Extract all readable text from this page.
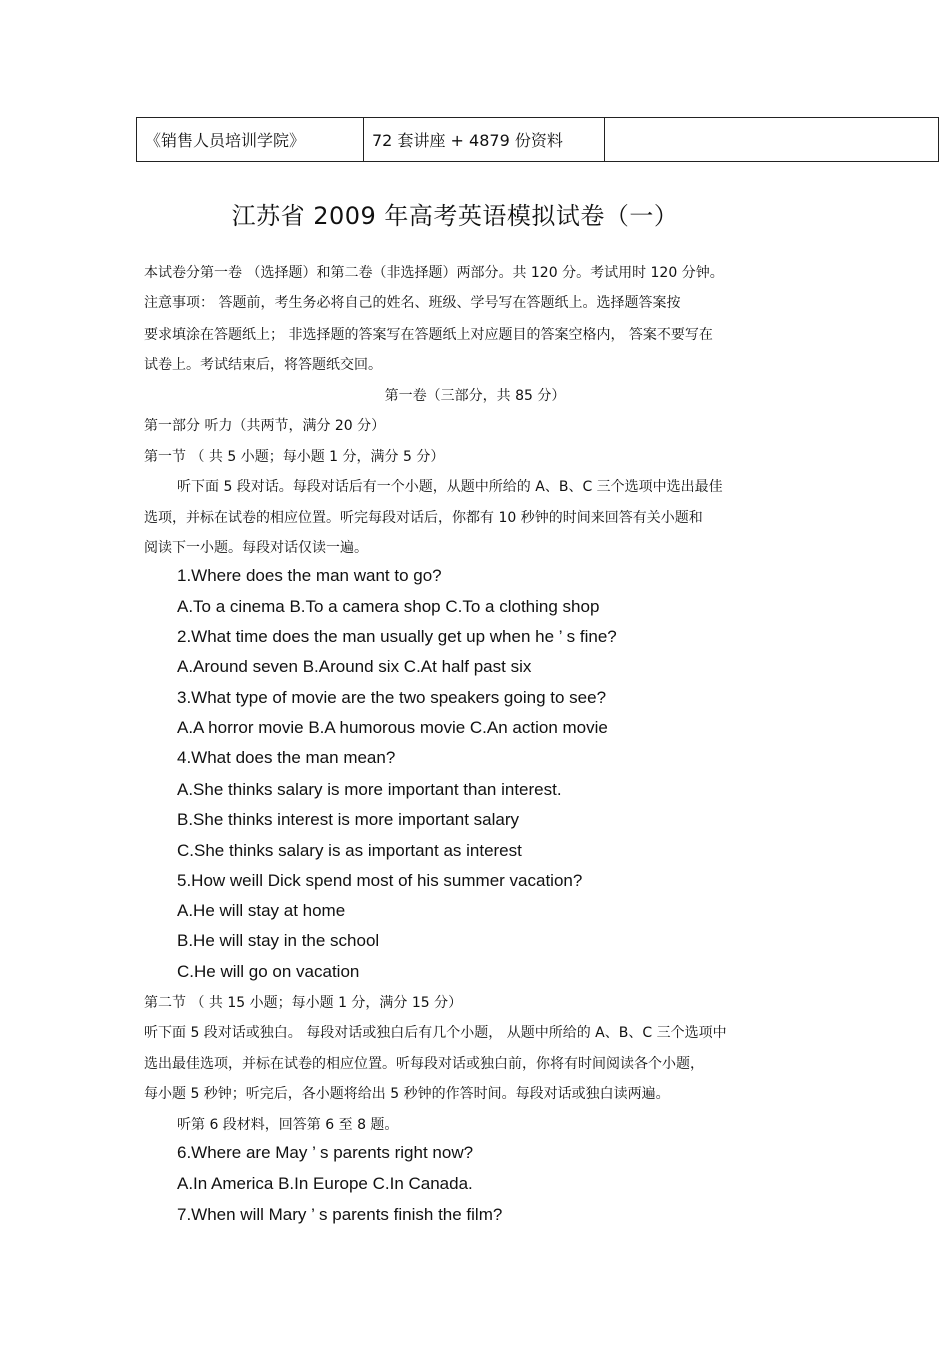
《销售人员培训学院》	72 套讲座 + 4879 份资料	
江苏省 2009 年高考英语模拟试卷（一）
本试卷分第一卷 （选择题）和第二卷（非选择题）两部分。共 120 分。考试用时 120 分钟。
注意事项： 答题前，考生务必将自己的姓名、班级、学号写在答题纸上。选择题答案按
要求填涂在答题纸上； 非选择题的答案写在答题纸上对应题目的答案空格内， 答案不要写在
试卷上。考试结束后，将答题纸交回。
第一卷（三部分，共 85 分）
第一部分 听力（共两节，满分 20 分）
第一节 （ 共 5 小题；每小题 1 分，满分 5 分）
听下面 5 段对话。每段对话后有一个小题，从题中所给的 A、B、C 三个选项中选出最佳
选项，并标在试卷的相应位置。听完每段对话后，你都有 10 秒钟的时间来回答有关小题和
阅读下一小题。每段对话仅读一遍。
1.Where does the man want to go?
A.To a cinema B.To a camera shop C.To a clothing shop
2.What time does the man usually get up when he ’ s fine?
A.Around seven B.Around six C.At half past six
3.What type of movie are the two speakers going to see?
A.A horror movie B.A humorous movie C.An action movie
4.What does the man mean?
A.She thinks salary is more important than interest.
B.She thinks interest is more important salary
C.She thinks salary is as important as interest
5.How weill Dick spend most of his summer vacation?
A.He will stay at home
B.He will stay in the school
C.He will go on vacation
第二节 （ 共 15 小题；每小题 1 分，满分 15 分）
听下面 5 段对话或独白。 每段对话或独白后有几个小题， 从题中所给的 A、B、C 三个选项中
选出最佳选项，并标在试卷的相应位置。听每段对话或独白前，你将有时间阅读各个小题，
每小题 5 秒钟；听完后，各小题将给出 5 秒钟的作答时间。每段对话或独白读两遍。
听第 6 段材料，回答第 6 至 8 题。
6.Where are May ’ s parents right now?
A.In America B.In Europe C.In Canada.
7.When will Mary ’ s parents finish the film?
